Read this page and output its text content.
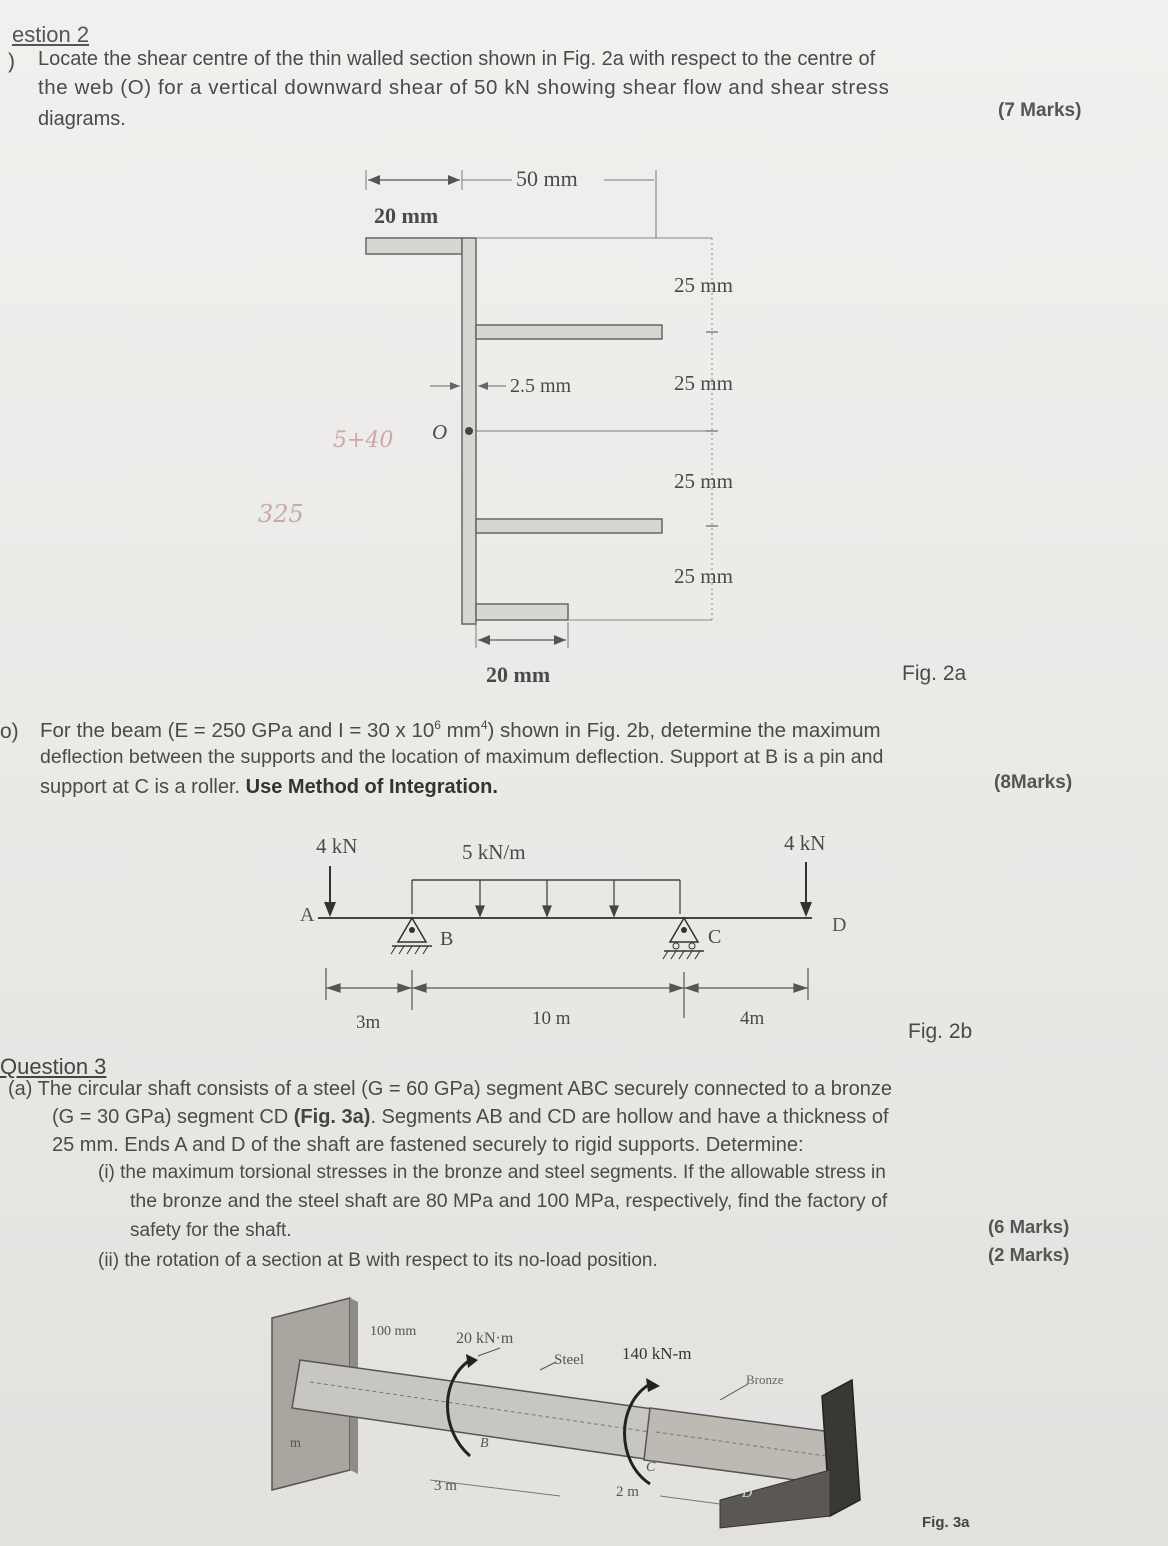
estion 2
) Locate the shear centre of the thin walled section shown in Fig. 2a with respect to the centre of
the web (O) for a vertical downward shear of 50 kN showing shear flow and shear stress
diagrams.	(7 Marks)
50 mm
20 mm
25 mm
25 mm
25 mm
25 mm
2.5 mm
O
20 mm
5+40
325
Fig. 2a
o) For the beam (E = 250 GPa and I = 30 x $10^6$ $mm^4$) shown in Fig. 2b, determine the maximum
deflection between the supports and the location of maximum deflection. Support at B is a pin and
support at C is a roller. Use Method of Integration.	(8Marks)
4 kN	5 kN/m	4 kN
A
B	C
D
3m	10 m	4m
Fig. 2b
Question 3
(a) The circular shaft consists of a steel (G = 60 GPa) segment ABC securely connected to a bronze
(G = 30 GPa) segment CD (Fig. 3a). Segments AB and CD are hollow and have a thickness of
25 mm. Ends A and D of the shaft are fastened securely to rigid supports. Determine:
(i) the maximum torsional stresses in the bronze and steel segments. If the allowable stress in
the bronze and the steel shaft are 80 MPa and 100 MPa, respectively, find the factory of
safety for the shaft.	(6 Marks)
(ii) the rotation of a section at B with respect to its no-load position.	(2 Marks)
100 mm 20 kN·m
140 kN-m
Steel
Bronze
B
C
D
3 m	2 m
m
Fig. 3a
